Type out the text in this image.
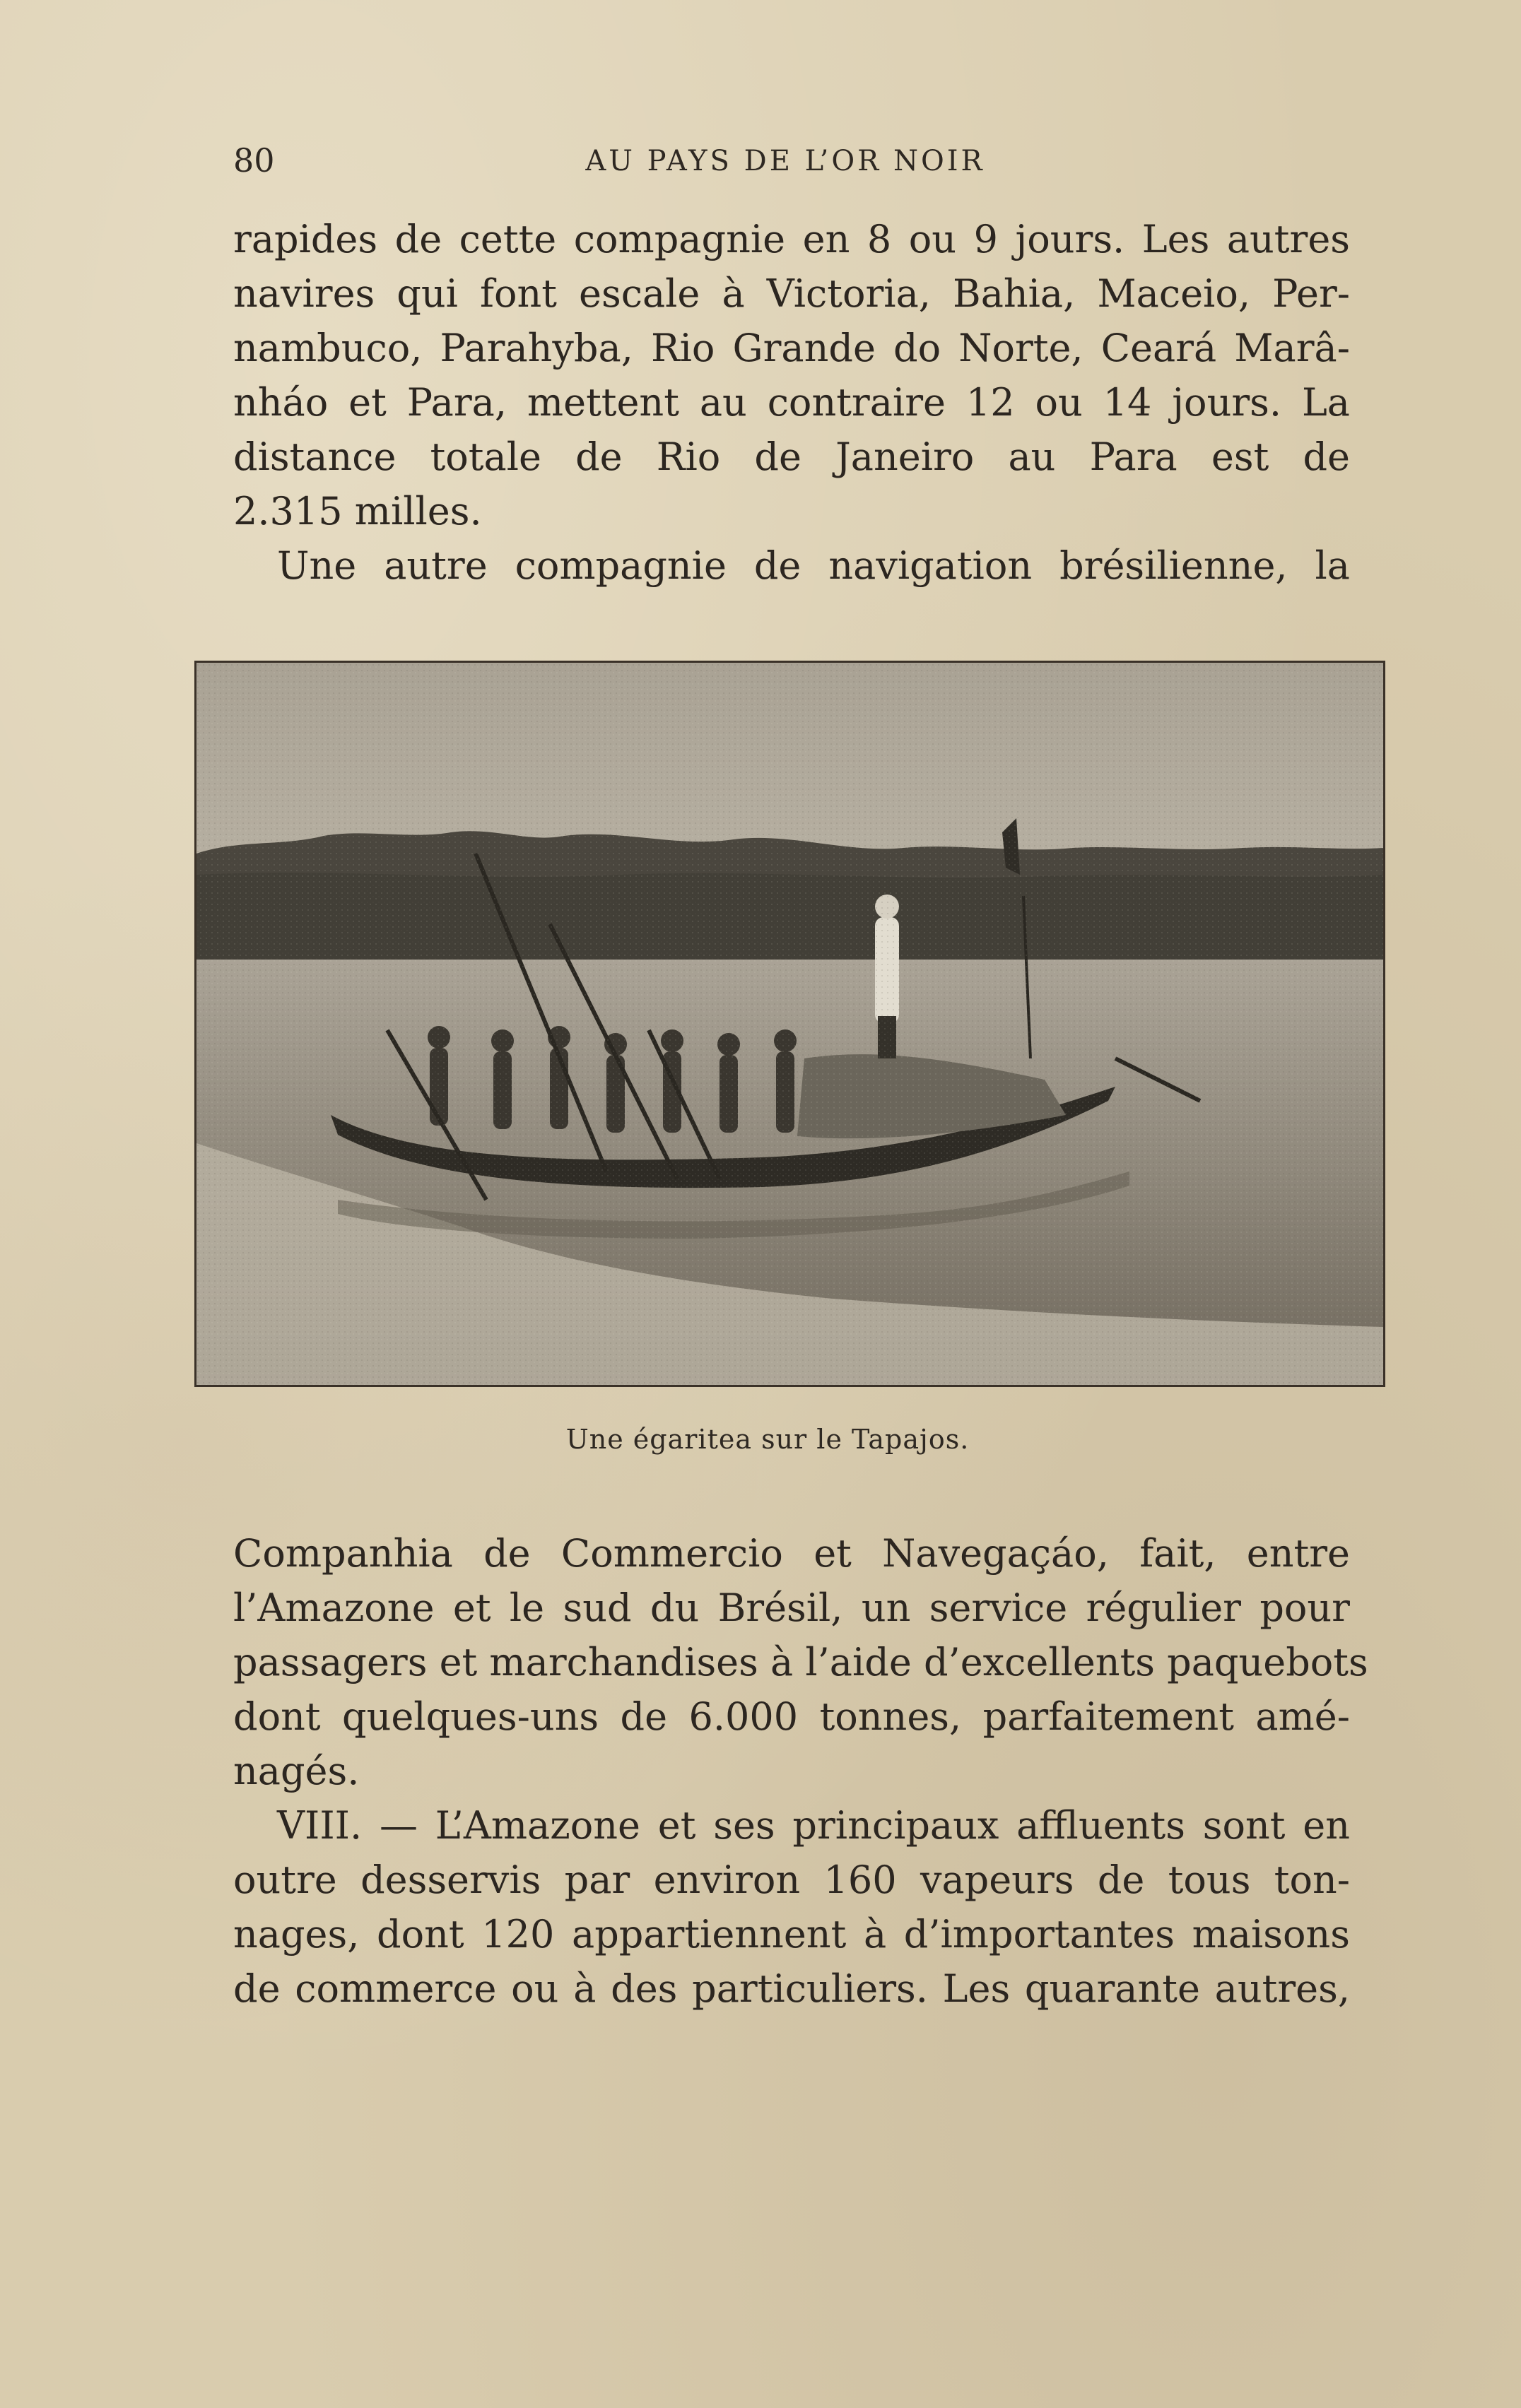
80	AU PAYS DE L’OR NOIR
rapides de cette compagnie en 8 ou 9 jours. Les autres
navires qui font escale à Victoria, Bahia, Maceio, Per-
nambuco, Parahyba, Rio Grande do Norte, Ceará Marâ-
nháo et Para, mettent au contraire 12 ou 14 jours. La
distance totale de Rio de Janeiro au Para est de
2.315 milles.
Une autre compagnie de navigation brésilienne, la
Une égaritea sur le Tapajos.
Companhia de Commercio et Navegaçáo, fait, entre
l’Amazone et le sud du Brésil, un service régulier pour
passagers et marchandises à l’aide d’excellents paquebots
dont quelques-uns de 6.000 tonnes, parfaitement amé-
nagés.
VIII. — L’Amazone et ses principaux affluents sont en
outre desservis par environ 160 vapeurs de tous ton-
nages, dont 120 appartiennent à d’importantes maisons
de commerce ou à des particuliers. Les quarante autres,
